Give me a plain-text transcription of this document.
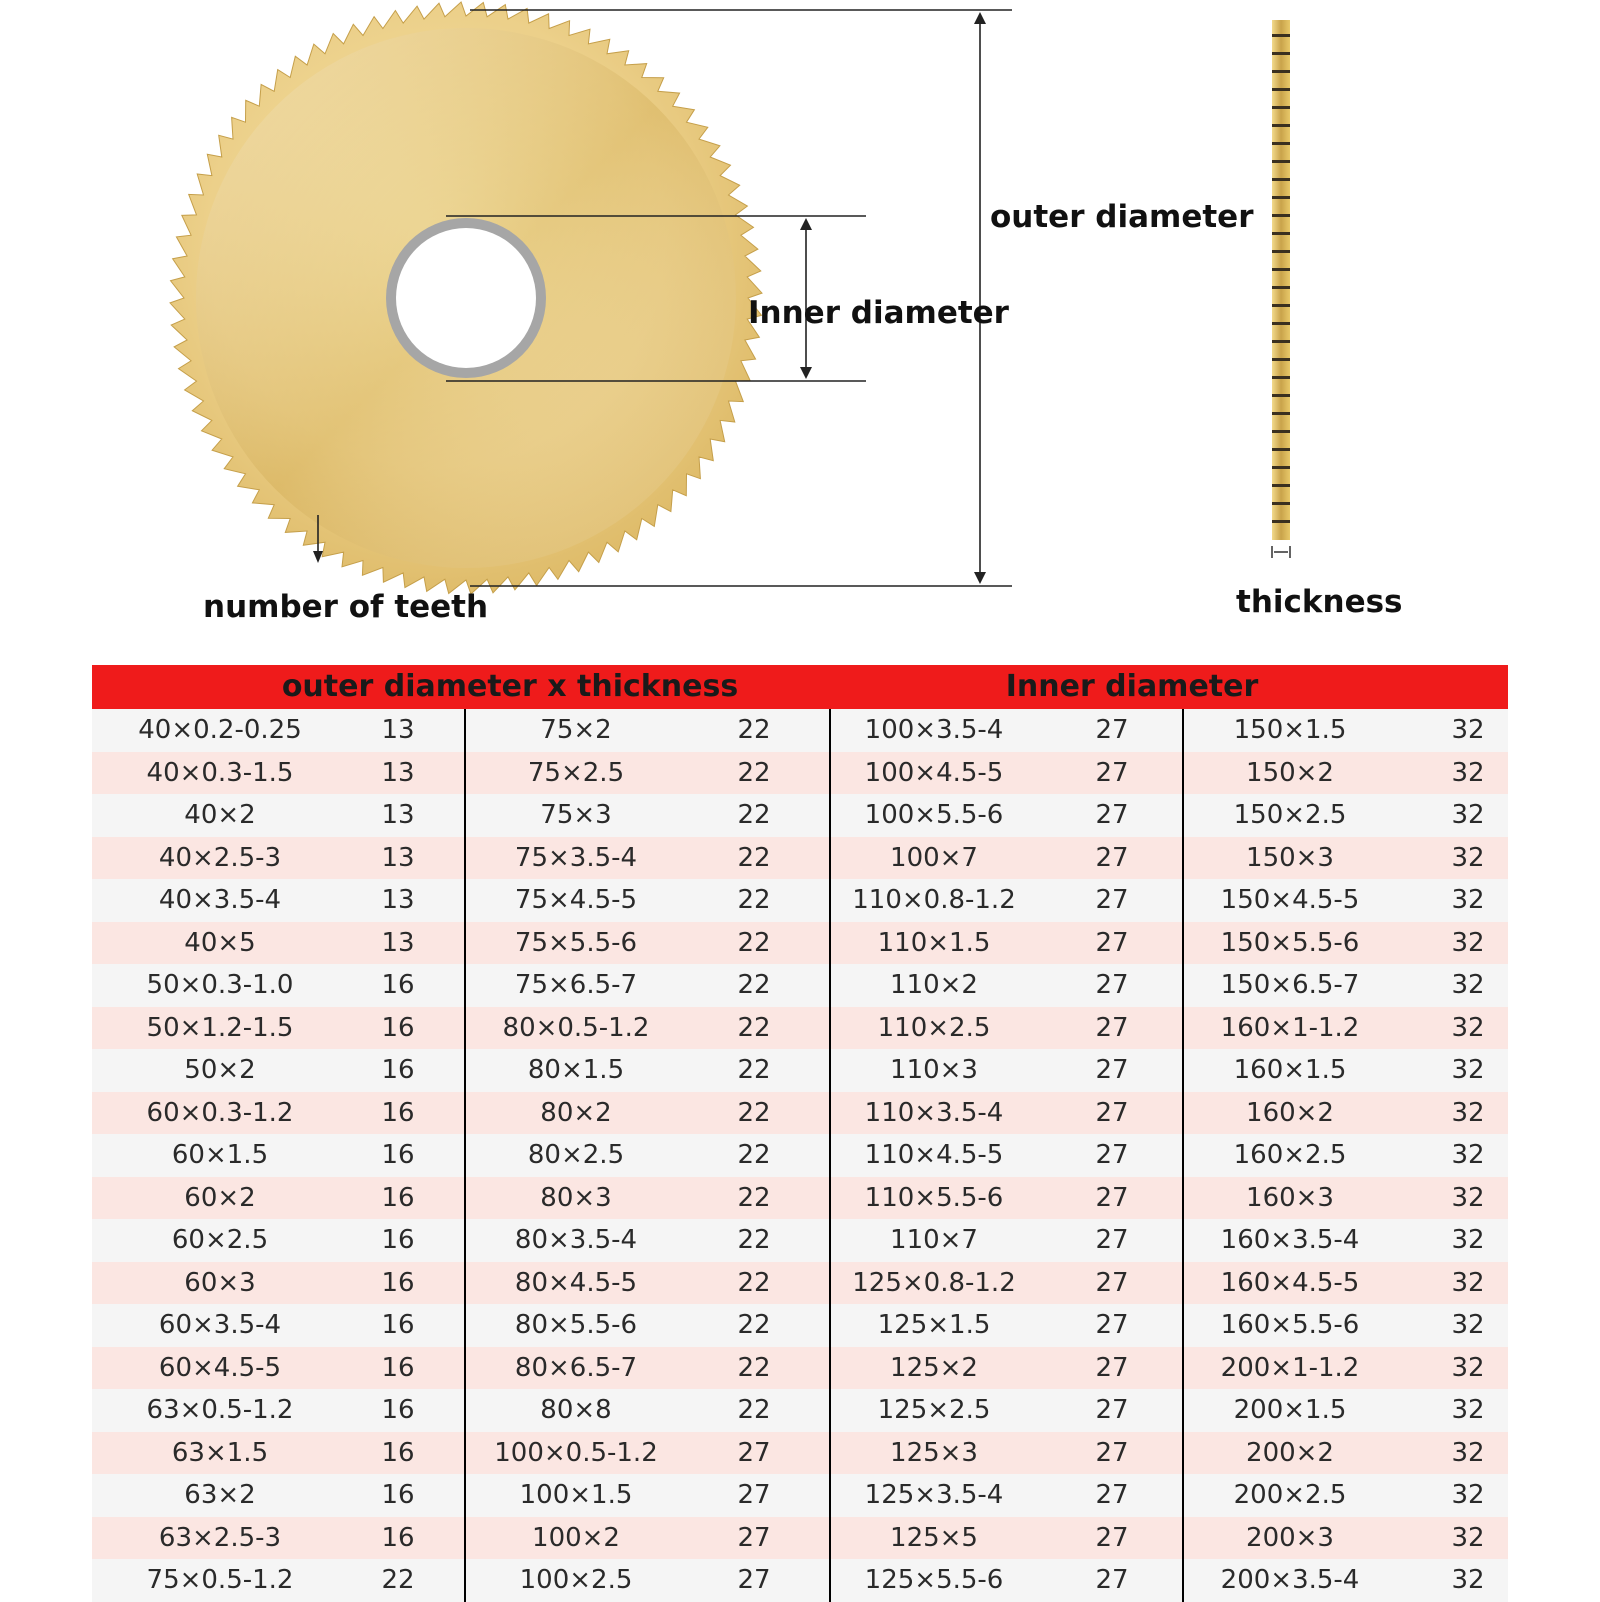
outer diameter
Inner diameter
number of teeth	thickness
outer diameter x thickness	Inner diameter
40×0.2-0.25	13	75×2	22	100×3.5-4	27	150×1.5	32
40×0.3-1.5	13	75×2.5	22	100×4.5-5	27	150×2	32
40×2	13	75×3	22	100×5.5-6	27	150×2.5	32
40×2.5-3	13	75×3.5-4	22	100×7	27	150×3	32
40×3.5-4	13	75×4.5-5	22	110×0.8-1.2	27	150×4.5-5	32
40×5	13	75×5.5-6	22	110×1.5	27	150×5.5-6	32
50×0.3-1.0	16	75×6.5-7	22	110×2	27	150×6.5-7	32
50×1.2-1.5	16	80×0.5-1.2	22	110×2.5	27	160×1-1.2	32
50×2	16	80×1.5	22	110×3	27	160×1.5	32
60×0.3-1.2	16	80×2	22	110×3.5-4	27	160×2	32
60×1.5	16	80×2.5	22	110×4.5-5	27	160×2.5	32
60×2	16	80×3	22	110×5.5-6	27	160×3	32
60×2.5	16	80×3.5-4	22	110×7	27	160×3.5-4	32
60×3	16	80×4.5-5	22	125×0.8-1.2	27	160×4.5-5	32
60×3.5-4	16	80×5.5-6	22	125×1.5	27	160×5.5-6	32
60×4.5-5	16	80×6.5-7	22	125×2	27	200×1-1.2	32
63×0.5-1.2	16	80×8	22	125×2.5	27	200×1.5	32
63×1.5	16	100×0.5-1.2	27	125×3	27	200×2	32
63×2	16	100×1.5	27	125×3.5-4	27	200×2.5	32
63×2.5-3	16	100×2	27	125×5	27	200×3	32
75×0.5-1.2	22	100×2.5	27	125×5.5-6	27	200×3.5-4	32
